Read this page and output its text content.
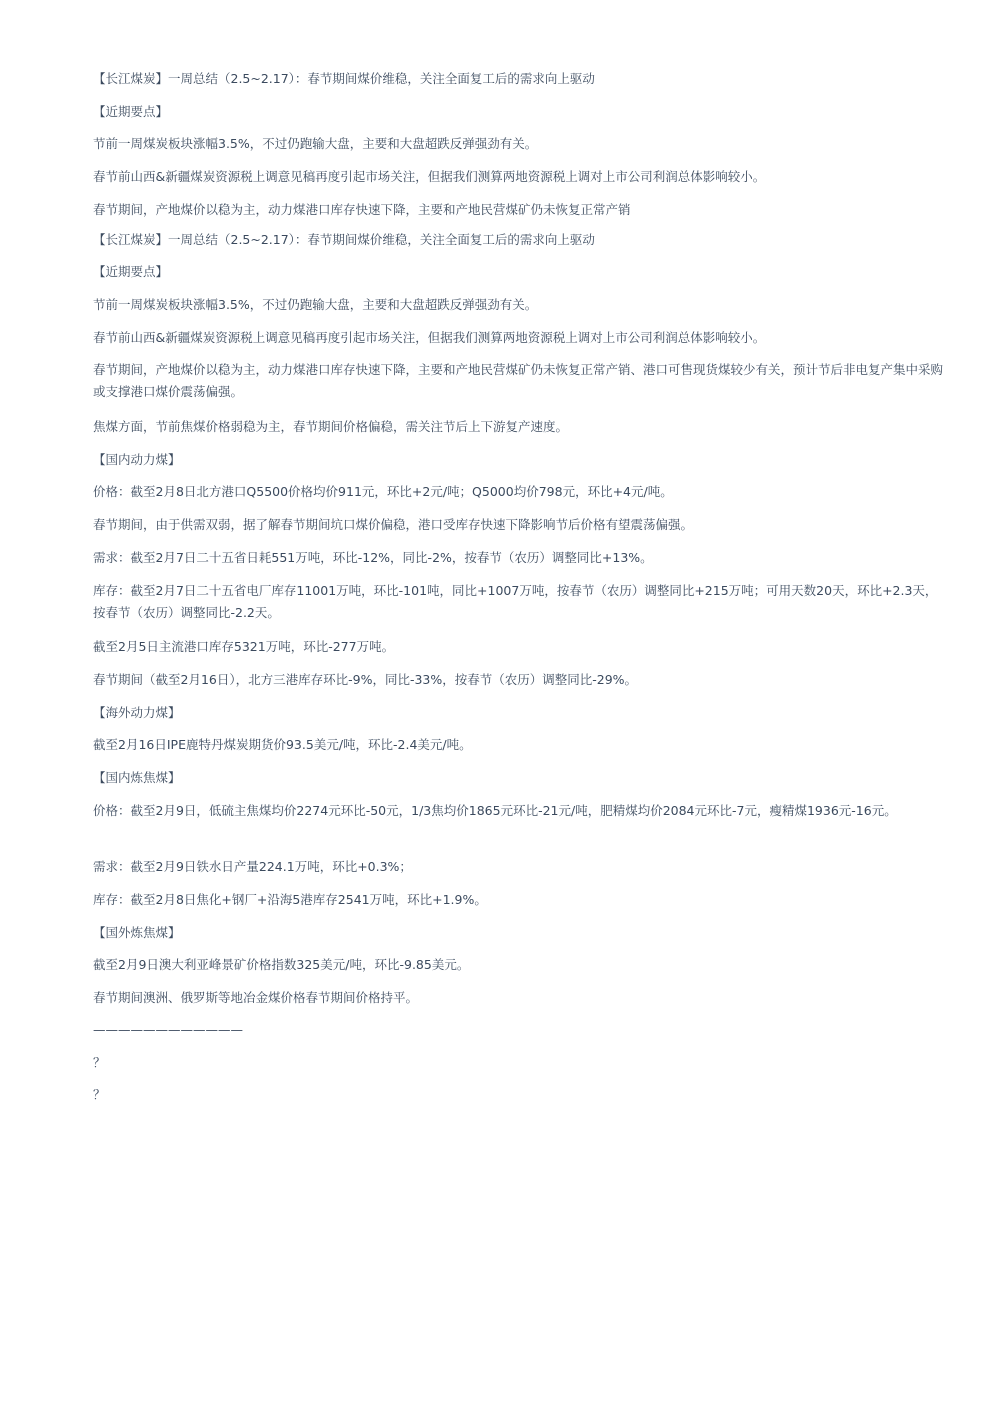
【长江煤炭】一周总结（2.5~2.17）：春节期间煤价维稳，关注全面复工后的需求向上驱动

【近期要点】

节前一周煤炭板块涨幅3.5%，不过仍跑输大盘，主要和大盘超跌反弹强劲有关。

春节前山西&新疆煤炭资源税上调意见稿再度引起市场关注，但据我们测算两地资源税上调对上市公司利润总体影响较小。

春节期间，产地煤价以稳为主，动力煤港口库存快速下降，主要和产地民营煤矿仍未恢复正常产销

【长江煤炭】一周总结（2.5~2.17）：春节期间煤价维稳，关注全面复工后的需求向上驱动

【近期要点】

节前一周煤炭板块涨幅3.5%，不过仍跑输大盘，主要和大盘超跌反弹强劲有关。

春节前山西&新疆煤炭资源税上调意见稿再度引起市场关注，但据我们测算两地资源税上调对上市公司利润总体影响较小。

春节期间，产地煤价以稳为主，动力煤港口库存快速下降，主要和产地民营煤矿仍未恢复正常产销、港口可售现货煤较少有关，预计节后非电复产集中采购或支撑港口煤价震荡偏强。

焦煤方面，节前焦煤价格弱稳为主，春节期间价格偏稳，需关注节后上下游复产速度。

【国内动力煤】

价格：截至2月8日北方港口Q5500价格均价911元，环比+2元/吨；Q5000均价798元，环比+4元/吨。

春节期间，由于供需双弱，据了解春节期间坑口煤价偏稳，港口受库存快速下降影响节后价格有望震荡偏强。

需求：截至2月7日二十五省日耗551万吨，环比-12%，同比-2%，按春节（农历）调整同比+13%。

库存：截至2月7日二十五省电厂库存11001万吨，环比-101吨，同比+1007万吨，按春节（农历）调整同比+215万吨；可用天数20天，环比+2.3天，按春节（农历）调整同比-2.2天。

截至2月5日主流港口库存5321万吨，环比-277万吨。

春节期间（截至2月16日），北方三港库存环比-9%，同比-33%，按春节（农历）调整同比-29%。

【海外动力煤】

截至2月16日IPE鹿特丹煤炭期货价93.5美元/吨，环比-2.4美元/吨。

【国内炼焦煤】

价格：截至2月9日，低硫主焦煤均价2274元环比-50元，1/3焦均价1865元环比-21元/吨，肥精煤均价2084元环比-7元，瘦精煤1936元-16元。

需求：截至2月9日铁水日产量224.1万吨，环比+0.3%；

库存：截至2月8日焦化+钢厂+沿海5港库存2541万吨，环比+1.9%。

【国外炼焦煤】

截至2月9日澳大利亚峰景矿价格指数325美元/吨，环比-9.85美元。

春节期间澳洲、俄罗斯等地冶金煤价格春节期间价格持平。

————————————

？

？
